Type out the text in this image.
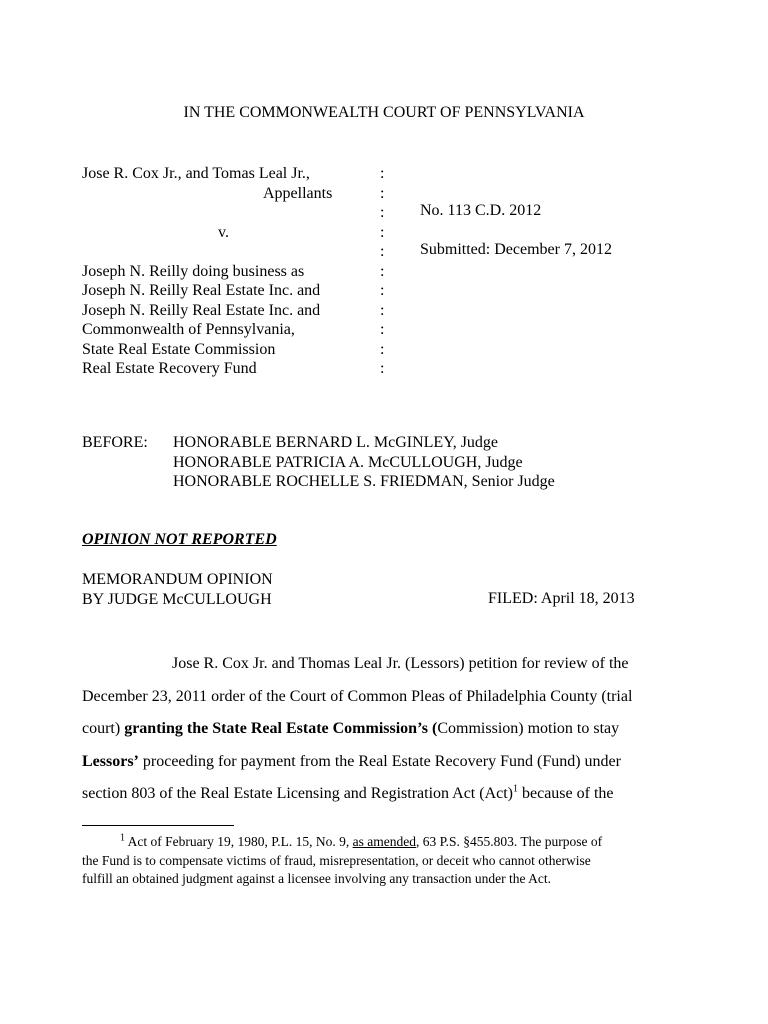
IN THE COMMONWEALTH COURT OF PENNSYLVANIA
Jose R. Cox Jr., and Tomas Leal Jr.,
Appellants
v.
Joseph N. Reilly doing business as
Joseph N. Reilly Real Estate Inc. and
Joseph N. Reilly Real Estate Inc. and
Commonwealth of Pennsylvania,
State Real Estate Commission
Real Estate Recovery Fund
:
:
:
:
:
:
:
:
:
:
:
No. 113 C.D. 2012
Submitted: December 7, 2012
BEFORE: HONORABLE BERNARD L. McGINLEY, Judge
HONORABLE PATRICIA A. McCULLOUGH, Judge
HONORABLE ROCHELLE S. FRIEDMAN, Senior Judge
OPINION NOT REPORTED
MEMORANDUM OPINION
BY JUDGE McCULLOUGH	FILED: April 18, 2013
Jose R. Cox Jr. and Thomas Leal Jr. (Lessors) petition for review of the
December 23, 2011 order of the Court of Common Pleas of Philadelphia County (trial
court) granting the State Real Estate Commission’s (Commission) motion to stay
Lessors’ proceeding for payment from the Real Estate Recovery Fund (Fund) under
section 803 of the Real Estate Licensing and Registration Act (Act)$^1$ because of the
$^1$ Act of February 19, 1980, P.L. 15, No. 9, as amended, 63 P.S. §455.803. The purpose of
the Fund is to compensate victims of fraud, misrepresentation, or deceit who cannot otherwise
fulfill an obtained judgment against a licensee involving any transaction under the Act.
